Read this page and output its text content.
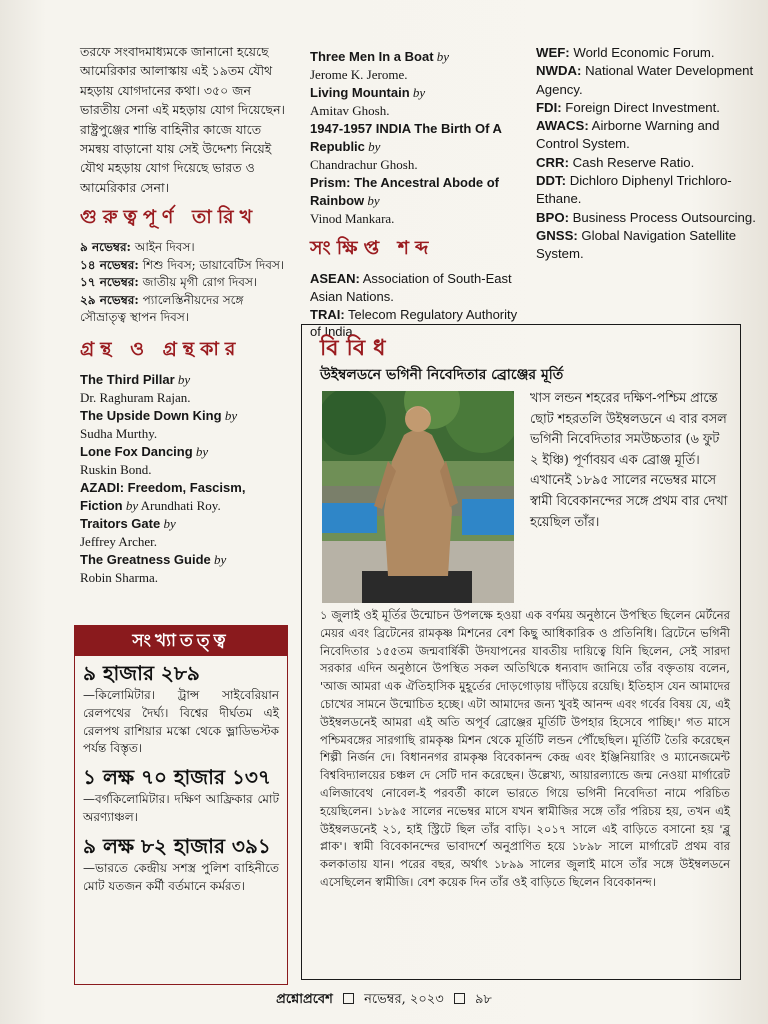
তরফে সংবাদমাধ্যমকে জানানো হয়েছে আমেরিকার আলাস্কায় এই ১৯তম যৌথ মহড়ায় যোগদানের কথা। ৩৫০ জন ভারতীয় সেনা এই মহড়ায় যোগ দিয়েছেন। রাষ্ট্রপুঞ্জের শান্তি বাহিনীর কাজে যাতে সমন্বয় বাড়ানো যায় সেই উদ্দেশ্য নিয়েই যৌথ মহড়ায় যোগ দিয়েছে ভারত ও আমেরিকার সেনা।

গুরুত্বপূর্ণ তারিখ

৯ নভেম্বর: আইন দিবস।

১৪ নভেম্বর: শিশু দিবস; ডায়াবেটিস দিবস।

১৭ নভেম্বর: জাতীয় মৃগী রোগ দিবস।

২৯ নভেম্বর: প্যালেস্তিনীয়দের সঙ্গে সৌভ্রাতৃত্ব স্থাপন দিবস।

গ্রন্থ ও গ্রন্থকার

The Third Pillar by

Dr. Raghuram Rajan.

The Upside Down King by

Sudha Murthy.

Lone Fox Dancing by

Ruskin Bond.

AZADI: Freedom, Fascism, Fiction by Arundhati Roy.

Traitors Gate by

Jeffrey Archer.

The Greatness Guide by

Robin Sharma.

Three Men In a Boat by

Jerome K. Jerome.

Living Mountain by

Amitav Ghosh.

1947-1957 INDIA The Birth Of A Republic by

Chandrachur Ghosh.

Prism: The Ancestral Abode of Rainbow by

Vinod Mankara.

সংক্ষিপ্ত শব্দ

ASEAN: Association of South-East Asian Nations.

TRAI: Telecom Regulatory Authority of India.

WEF: World Economic Forum.

NWDA: National Water Development Agency.

FDI: Foreign Direct Investment.

AWACS: Airborne Warning and Control System.

CRR: Cash Reserve Ratio.

DDT: Dichloro Diphenyl Trichloro-Ethane.

BPO: Business Process Outsourcing.

GNSS: Global Navigation Satellite System.

সংখ্যাতত্ত্ব

৯ হাজার ২৮৯

—কিলোমিটার। ট্রান্স সাইবেরিয়ান রেলপথের দৈর্ঘ্য। বিশ্বের দীর্ঘতম এই রেলপথ রাশিয়ার মস্কো থেকে ভ্লাডিভস্টক পর্যন্ত বিস্তৃত।

১ লক্ষ ৭০ হাজার ১৩৭

—বর্গকিলোমিটার। দক্ষিণ আফ্রিকার মোট অরণ্যাঞ্চল।

৯ লক্ষ ৮২ হাজার ৩৯১

—ভারতে কেন্দ্রীয় সশস্ত্র পুলিশ বাহিনীতে মোট যতজন কর্মী বর্তমানে কর্মরত।

বিবিধ
উইম্বলডনে ভগিনী নিবেদিতার ব্রোঞ্জের মূর্তি

খাস লন্ডন শহরের দক্ষিণ-পশ্চিম প্রান্তে ছোট শহরতলি উইম্বলডনে এ বার বসল ভগিনী নিবেদিতার সমউচ্চতার (৬ ফুট ২ ইঞ্চি) পূর্ণাবয়ব এক ব্রোঞ্জ মূর্তি। এখানেই ১৮৯৫ সালের নভেম্বর মাসে স্বামী বিবেকানন্দের সঙ্গে প্রথম বার দেখা হয়েছিল তাঁর।

১ জুলাই ওই মূর্তির উন্মোচন উপলক্ষে হওয়া এক বর্ণময় অনুষ্ঠানে উপস্থিত ছিলেন মের্টনের মেয়র এবং ব্রিটেনের রামকৃষ্ণ মিশনের বেশ কিছু আধিকারিক ও প্রতিনিধি। ব্রিটেনে ভগিনী নিবেদিতার ১৫৫তম জন্মবার্ষিকী উদযাপনের যাবতীয় দায়িত্বে যিনি ছিলেন, সেই সারদা সরকার এদিন অনুষ্ঠানে উপস্থিত সকল অতিথিকে ধন্যবাদ জানিয়ে তাঁর বক্তৃতায় বলেন, 'আজ আমরা এক ঐতিহাসিক মুহূর্তের দোড়গোড়ায় দাঁড়িয়ে রয়েছি। ইতিহাস যেন আমাদের চোখের সামনে উন্মোচিত হচ্ছে। এটা আমাদের জন্য খুবই আনন্দ এবং গর্বের বিষয় যে, এই উইম্বলডনেই আমরা এই অতি অপূর্ব ব্রোঞ্জের মূর্তিটি উপহার হিসেবে পাচ্ছি।' গত মাসে পশ্চিমবঙ্গের সারগাছি রামকৃষ্ণ মিশন থেকে মূর্তিটি লন্ডন পৌঁছেছিল। মূর্তিটি তৈরি করেছেন শিল্পী নির্জন দে। বিধাননগর রামকৃষ্ণ বিবেকানন্দ কেন্দ্র এবং ইঞ্জিনিয়ারিং ও ম্যানেজমেন্ট বিশ্ববিদ্যালয়ের চঞ্চল দে সেটি দান করেছেন। উল্লেখ্য, আয়ারল্যান্ডে জন্ম নেওয়া মার্গারেট এলিজাবেথ নোবেল-ই পরবর্তী কালে ভারতে গিয়ে ভগিনী নিবেদিতা নামে পরিচিত হয়েছিলেন। ১৮৯৫ সালের নভেম্বর মাসে যখন স্বামীজির সঙ্গে তাঁর পরিচয় হয়, তখন এই উইম্বলডনেই ২১, হাই স্ট্রিটে ছিল তাঁর বাড়ি। ২০১৭ সালে এই বাড়িতে বসানো হয় 'ব্লু প্লাক'। স্বামী বিবেকানন্দের ভাবাদর্শে অনুপ্রাণিত হয়ে ১৮৯৮ সালে মার্গারেট প্রথম বার কলকাতায় যান। পরের বছর, অর্থাৎ ১৮৯৯ সালের জুলাই মাসে তাঁর সঙ্গে উইম্বলডনে এসেছিলেন স্বামীজি। বেশ কয়েক দিন তাঁর ওই বাড়িতে ছিলেন বিবেকানন্দ।

প্রশ্নোপ্রবেশ নভেম্বর, ২০২৩ ৯৮
